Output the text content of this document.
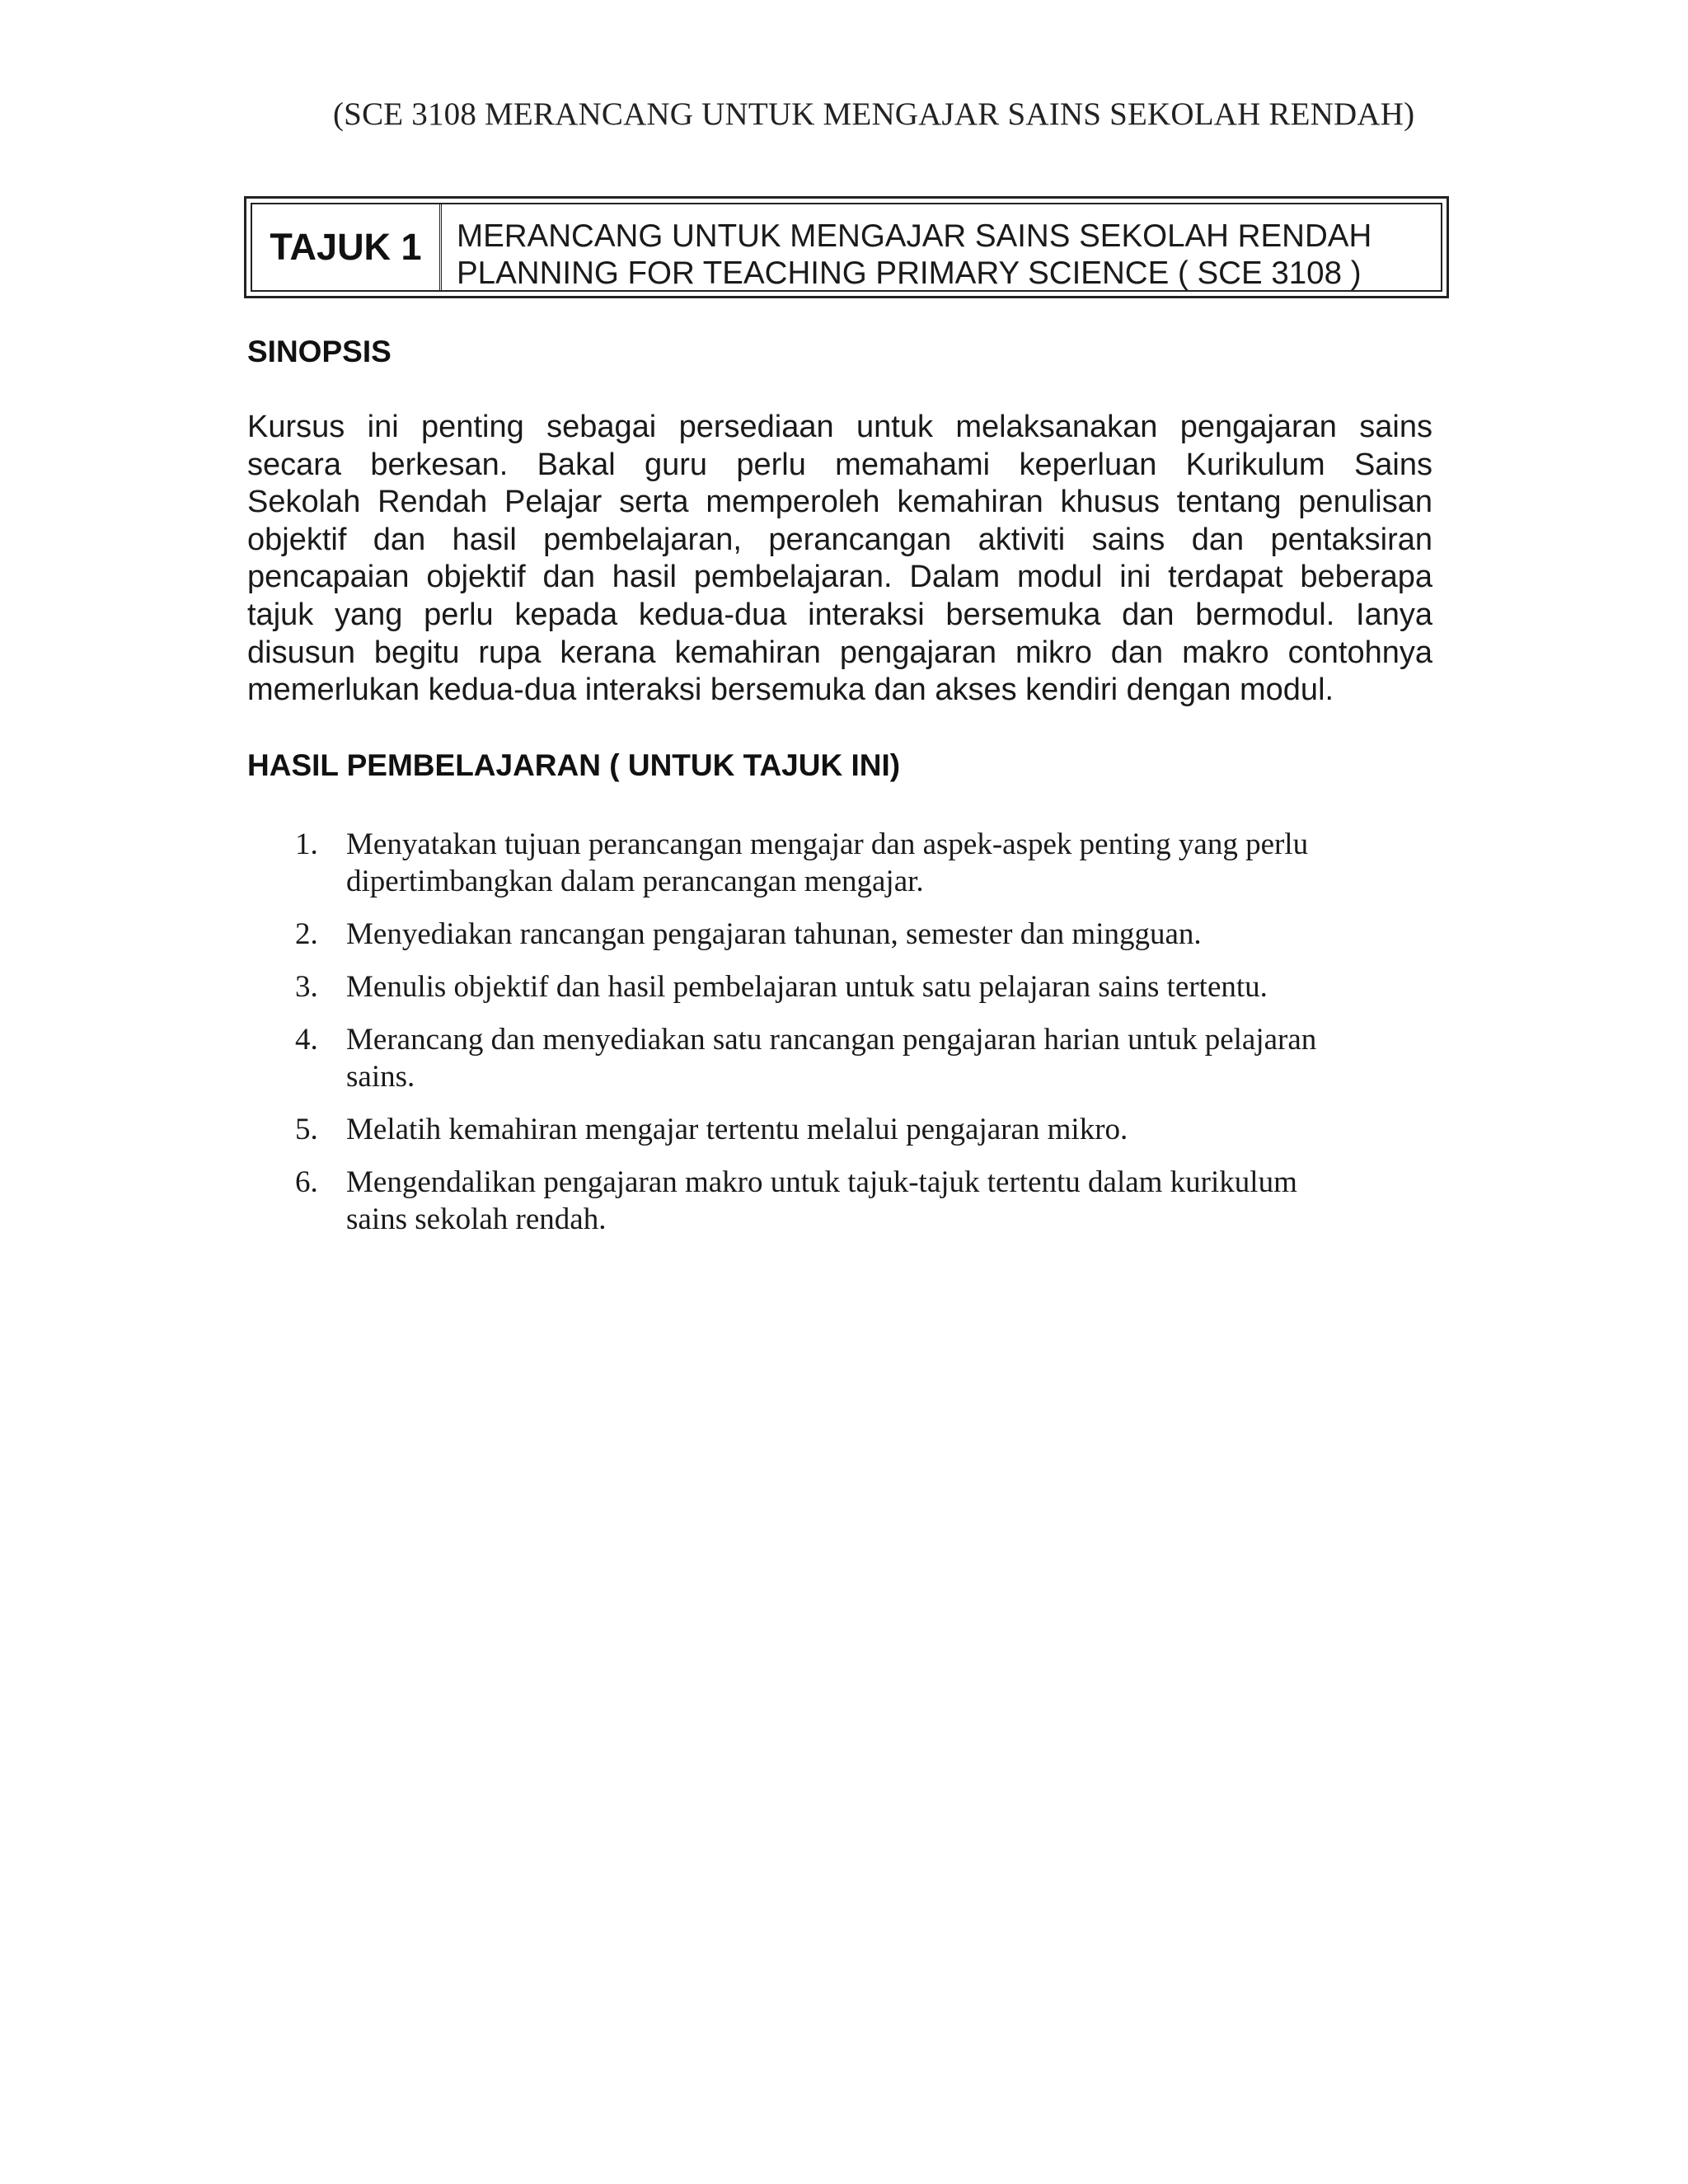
(SCE 3108 MERANCANG UNTUK MENGAJAR SAINS SEKOLAH RENDAH)
TAJUK 1	MERANCANG UNTUK MENGAJAR SAINS SEKOLAH RENDAH
PLANNING FOR TEACHING PRIMARY SCIENCE ( SCE 3108 )
SINOPSIS
Kursus ini penting sebagai persediaan untuk melaksanakan pengajaran sains
secara berkesan. Bakal guru perlu memahami keperluan Kurikulum Sains
Sekolah Rendah Pelajar serta memperoleh kemahiran khusus tentang penulisan
objektif dan hasil pembelajaran, perancangan aktiviti sains dan pentaksiran
pencapaian objektif dan hasil pembelajaran. Dalam modul ini terdapat beberapa
tajuk yang perlu kepada kedua-dua interaksi bersemuka dan bermodul. Ianya
disusun begitu rupa kerana kemahiran pengajaran mikro dan makro contohnya
memerlukan kedua-dua interaksi bersemuka dan akses kendiri dengan modul.
HASIL PEMBELAJARAN ( UNTUK TAJUK INI)
1. Menyatakan tujuan perancangan mengajar dan aspek-aspek penting yang perlu
dipertimbangkan dalam perancangan mengajar.
2. Menyediakan rancangan pengajaran tahunan, semester dan mingguan.
3. Menulis objektif dan hasil pembelajaran untuk satu pelajaran sains tertentu.
4. Merancang dan menyediakan satu rancangan pengajaran harian untuk pelajaran
sains.
5. Melatih kemahiran mengajar tertentu melalui pengajaran mikro.
6. Mengendalikan pengajaran makro untuk tajuk-tajuk tertentu dalam kurikulum
sains sekolah rendah.
